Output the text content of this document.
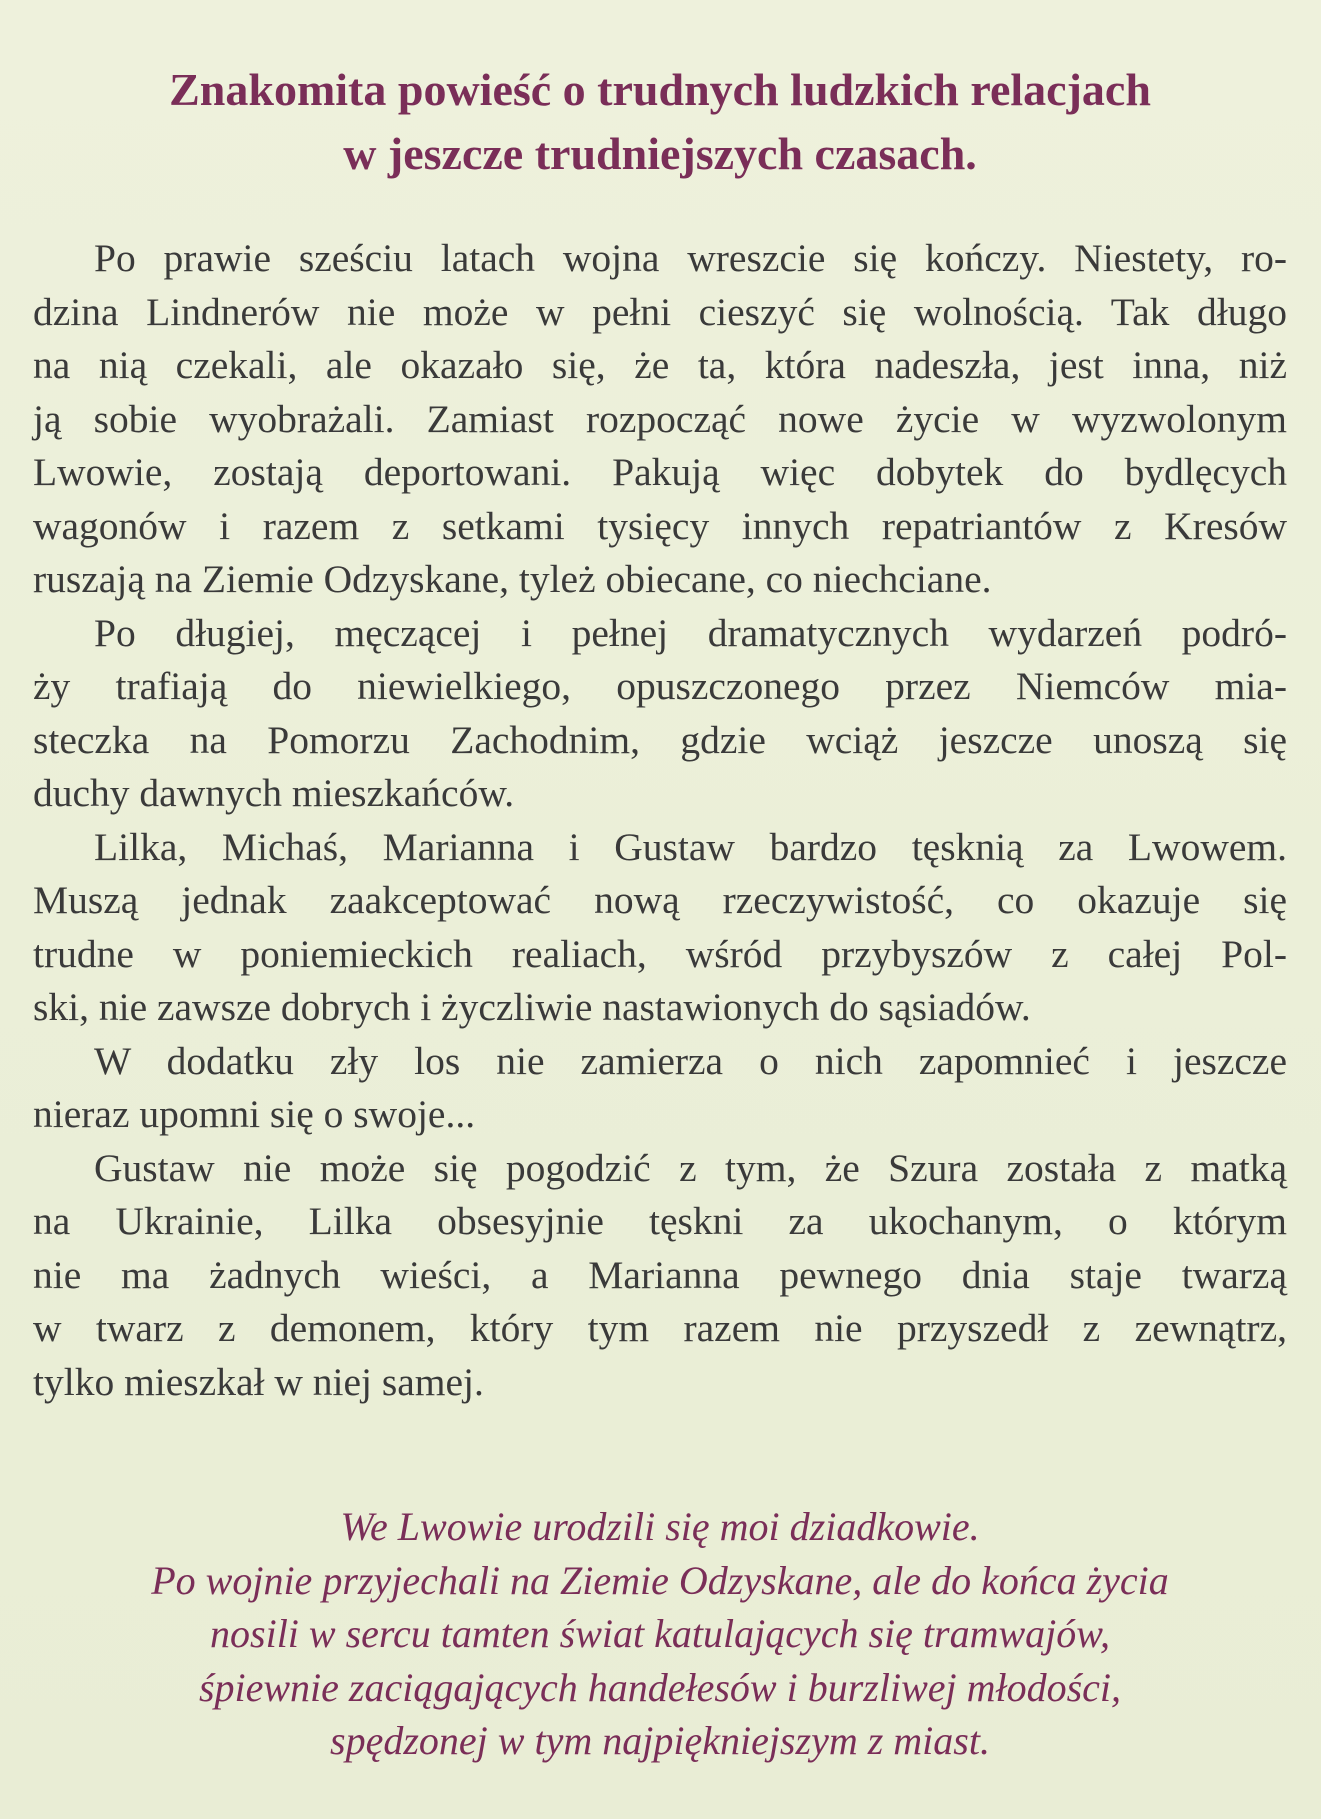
Znakomita powieść o trudnych ludzkich relacjach
w jeszcze trudniejszych czasach.
Po prawie sześciu latach wojna wreszcie się kończy. Niestety, ro-
dzina Lindnerów nie może w pełni cieszyć się wolnością. Tak długo
na nią czekali, ale okazało się, że ta, która nadeszła, jest inna, niż
ją sobie wyobrażali. Zamiast rozpocząć nowe życie w wyzwolonym
Lwowie, zostają deportowani. Pakują więc dobytek do bydlęcych
wagonów i razem z setkami tysięcy innych repatriantów z Kresów
ruszają na Ziemie Odzyskane, tyleż obiecane, co niechciane.
Po długiej, męczącej i pełnej dramatycznych wydarzeń podró-
ży trafiają do niewielkiego, opuszczonego przez Niemców mia-
steczka na Pomorzu Zachodnim, gdzie wciąż jeszcze unoszą się
duchy dawnych mieszkańców.
Lilka, Michaś, Marianna i Gustaw bardzo tęsknią za Lwowem.
Muszą jednak zaakceptować nową rzeczywistość, co okazuje się
trudne w poniemieckich realiach, wśród przybyszów z całej Pol-
ski, nie zawsze dobrych i życzliwie nastawionych do sąsiadów.
W dodatku zły los nie zamierza o nich zapomnieć i jeszcze
nieraz upomni się o swoje...
Gustaw nie może się pogodzić z tym, że Szura została z matką
na Ukrainie, Lilka obsesyjnie tęskni za ukochanym, o którym
nie ma żadnych wieści, a Marianna pewnego dnia staje twarzą
w twarz z demonem, który tym razem nie przyszedł z zewnątrz,
tylko mieszkał w niej samej.
We Lwowie urodzili się moi dziadkowie.
Po wojnie przyjechali na Ziemie Odzyskane, ale do końca życia
nosili w sercu tamten świat katulających się tramwajów,
śpiewnie zaciągających handełesów i burzliwej młodości,
spędzonej w tym najpiękniejszym z miast.
